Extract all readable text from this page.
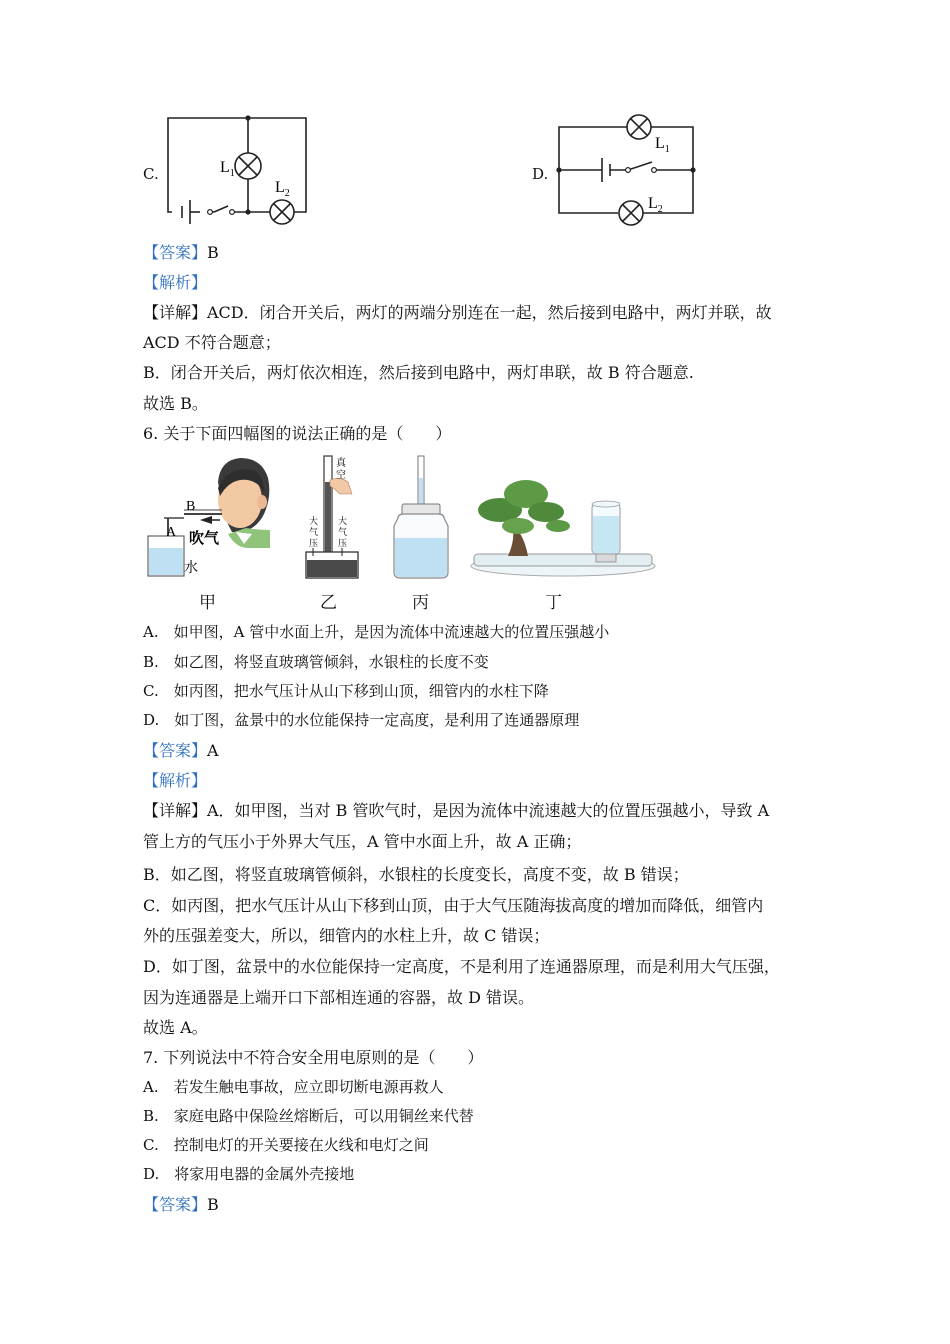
C.	$L_1$
$L_2$
D.
$L_1$
$L_2$
【答案】B
【解析】
【详解】ACD．闭合开关后，两灯的两端分别连在一起，然后接到电路中，两灯并联，故
ACD 不符合题意；
B．闭合开关后，两灯依次相连，然后接到电路中，两灯串联，故 B 符合题意.
故选 B。
6. 关于下面四幅图的说法正确的是（　　）
B
A 吹气
水
真
空
大
气
压
大
气
压
甲	乙	丙	丁
A.　如甲图，A 管中水面上升，是因为流体中流速越大的位置压强越小
B.　如乙图，将竖直玻璃管倾斜，水银柱的长度不变
C.　如丙图，把水气压计从山下移到山顶，细管内的水柱下降
D.　如丁图，盆景中的水位能保持一定高度，是利用了连通器原理
【答案】A
【解析】
【详解】A．如甲图，当对 B 管吹气时，是因为流体中流速越大的位置压强越小，导致 A
管上方的气压小于外界大气压，A 管中水面上升，故 A 正确；
B．如乙图，将竖直玻璃管倾斜，水银柱的长度变长，高度不变，故 B 错误；
C．如丙图，把水气压计从山下移到山顶，由于大气压随海拔高度的增加而降低，细管内
外的压强差变大，所以，细管内的水柱上升，故 C 错误；
D．如丁图，盆景中的水位能保持一定高度，不是利用了连通器原理，而是利用大气压强，
因为连通器是上端开口下部相连通的容器，故 D 错误。
故选 A。
7. 下列说法中不符合安全用电原则的是（　　）
A.　若发生触电事故，应立即切断电源再救人
B.　家庭电路中保险丝熔断后，可以用铜丝来代替
C.　控制电灯的开关要接在火线和电灯之间
D.　将家用电器的金属外壳接地
【答案】B
